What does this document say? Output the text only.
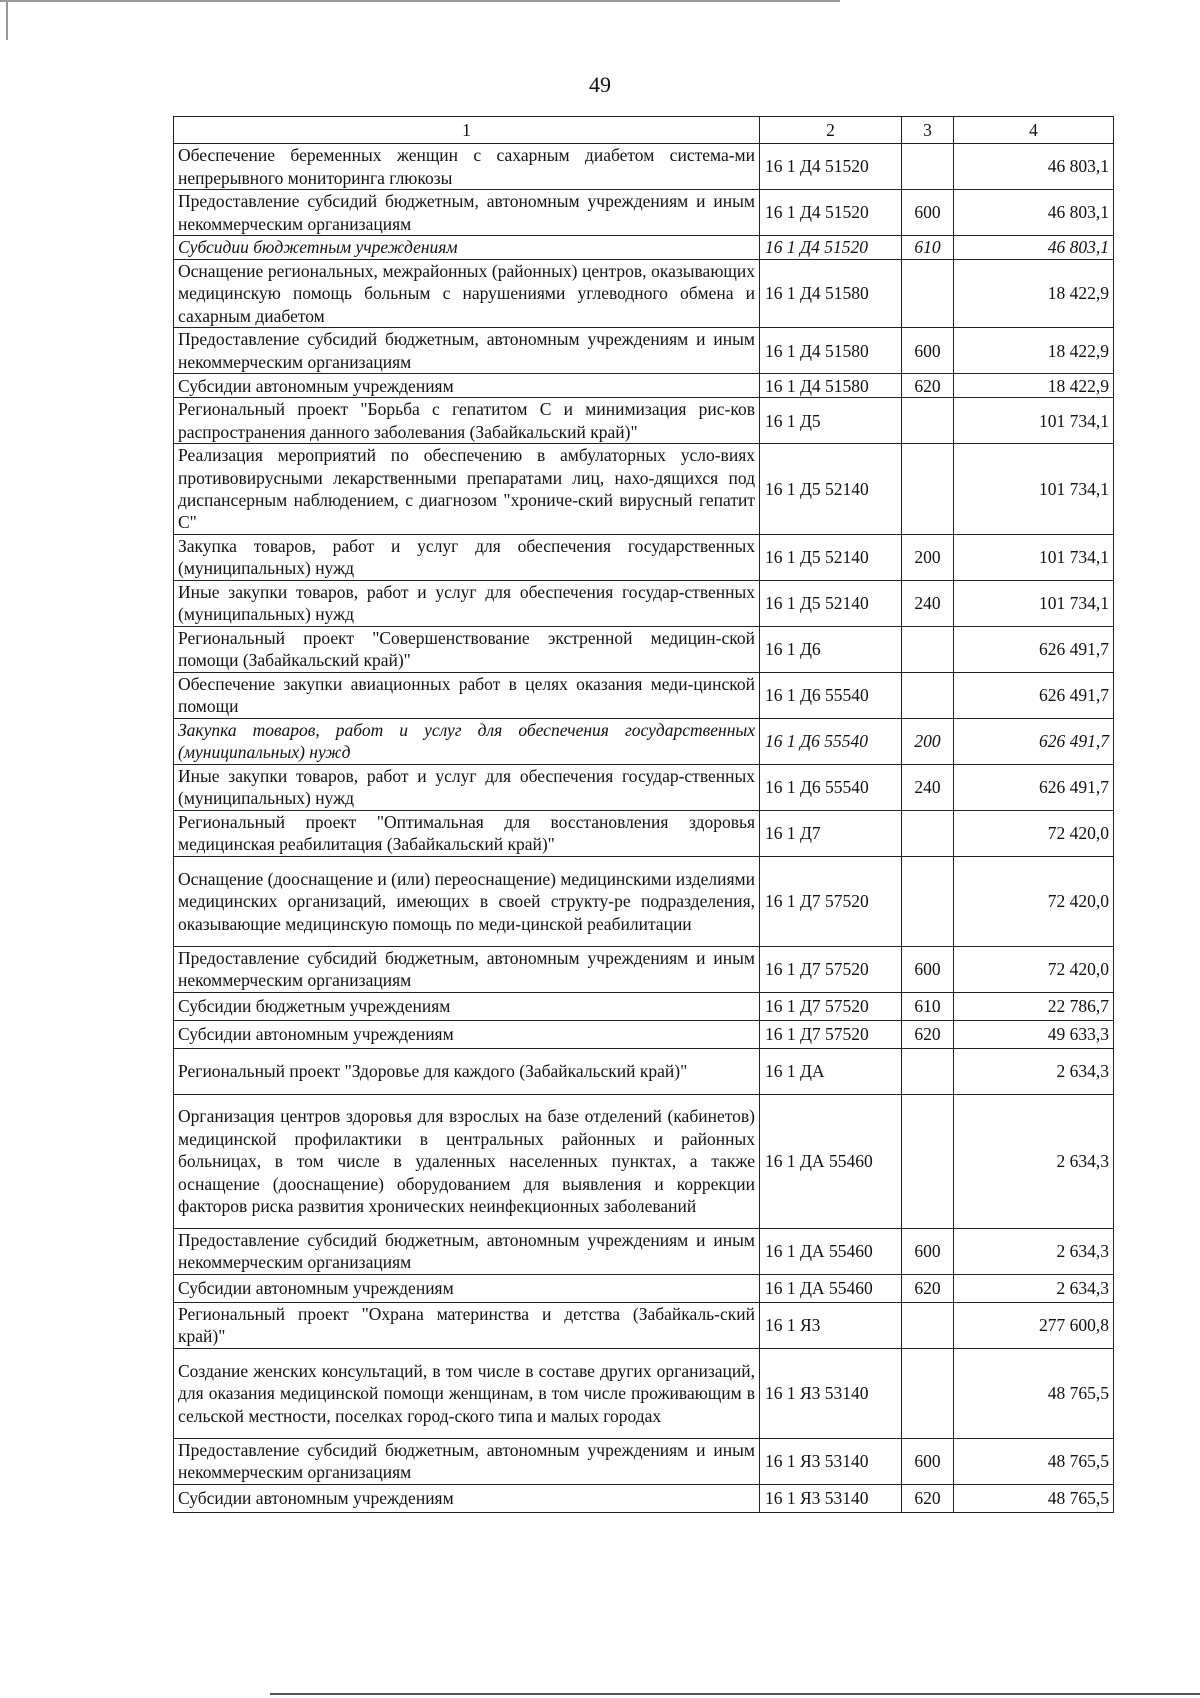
49
1	2	3	4
Обеспечение беременных женщин с сахарным диабетом система-ми непрерывного мониторинга глюкозы	16 1 Д4 51520		46 803,1
Предоставление субсидий бюджетным, автономным учреждениям и иным некоммерческим организациям	16 1 Д4 51520	600	46 803,1
Субсидии бюджетным учреждениям	16 1 Д4 51520	610	46 803,1
Оснащение региональных, межрайонных (районных) центров, оказывающих медицинскую помощь больным с нарушениями углеводного обмена и сахарным диабетом	16 1 Д4 51580		18 422,9
Предоставление субсидий бюджетным, автономным учреждениям и иным некоммерческим организациям	16 1 Д4 51580	600	18 422,9
Субсидии автономным учреждениям	16 1 Д4 51580	620	18 422,9
Региональный проект "Борьба с гепатитом С и минимизация рис-ков распространения данного заболевания (Забайкальский край)"	16 1 Д5		101 734,1
Реализация мероприятий по обеспечению в амбулаторных усло-виях противовирусными лекарственными препаратами лиц, нахо-дящихся под диспансерным наблюдением, с диагнозом "хрониче-ский вирусный гепатит С"	16 1 Д5 52140		101 734,1
Закупка товаров, работ и услуг для обеспечения государственных (муниципальных) нужд	16 1 Д5 52140	200	101 734,1
Иные закупки товаров, работ и услуг для обеспечения государ-ственных (муниципальных) нужд	16 1 Д5 52140	240	101 734,1
Региональный проект "Совершенствование экстренной медицин-ской помощи (Забайкальский край)"	16 1 Д6		626 491,7
Обеспечение закупки авиационных работ в целях оказания меди-цинской помощи	16 1 Д6 55540		626 491,7
Закупка товаров, работ и услуг для обеспечения государственных (муниципальных) нужд	16 1 Д6 55540	200	626 491,7
Иные закупки товаров, работ и услуг для обеспечения государ-ственных (муниципальных) нужд	16 1 Д6 55540	240	626 491,7
Региональный проект "Оптимальная для восстановления здоровья медицинская реабилитация (Забайкальский край)"	16 1 Д7		72 420,0
Оснащение (дооснащение и (или) переоснащение) медицинскими изделиями медицинских организаций, имеющих в своей структу-ре подразделения, оказывающие медицинскую помощь по меди-цинской реабилитации	16 1 Д7 57520		72 420,0
Предоставление субсидий бюджетным, автономным учреждениям и иным некоммерческим организациям	16 1 Д7 57520	600	72 420,0
Субсидии бюджетным учреждениям	16 1 Д7 57520	610	22 786,7
Субсидии автономным учреждениям	16 1 Д7 57520	620	49 633,3
Региональный проект "Здоровье для каждого (Забайкальский край)"	16 1 ДА		2 634,3
Организация центров здоровья для взрослых на базе отделений (кабинетов) медицинской профилактики в центральных районных и районных больницах, в том числе в удаленных населенных пунктах, а также оснащение (дооснащение) оборудованием для выявления и коррекции факторов риска развития хронических неинфекционных заболеваний	16 1 ДА 55460		2 634,3
Предоставление субсидий бюджетным, автономным учреждениям и иным некоммерческим организациям	16 1 ДА 55460	600	2 634,3
Субсидии автономным учреждениям	16 1 ДА 55460	620	2 634,3
Региональный проект "Охрана материнства и детства (Забайкаль-ский край)"	16 1 Я3		277 600,8
Создание женских консультаций, в том числе в составе других организаций, для оказания медицинской помощи женщинам, в том числе проживающим в сельской местности, поселках город-ского типа и малых городах	16 1 Я3 53140		48 765,5
Предоставление субсидий бюджетным, автономным учреждениям и иным некоммерческим организациям	16 1 Я3 53140	600	48 765,5
Субсидии автономным учреждениям	16 1 Я3 53140	620	48 765,5
